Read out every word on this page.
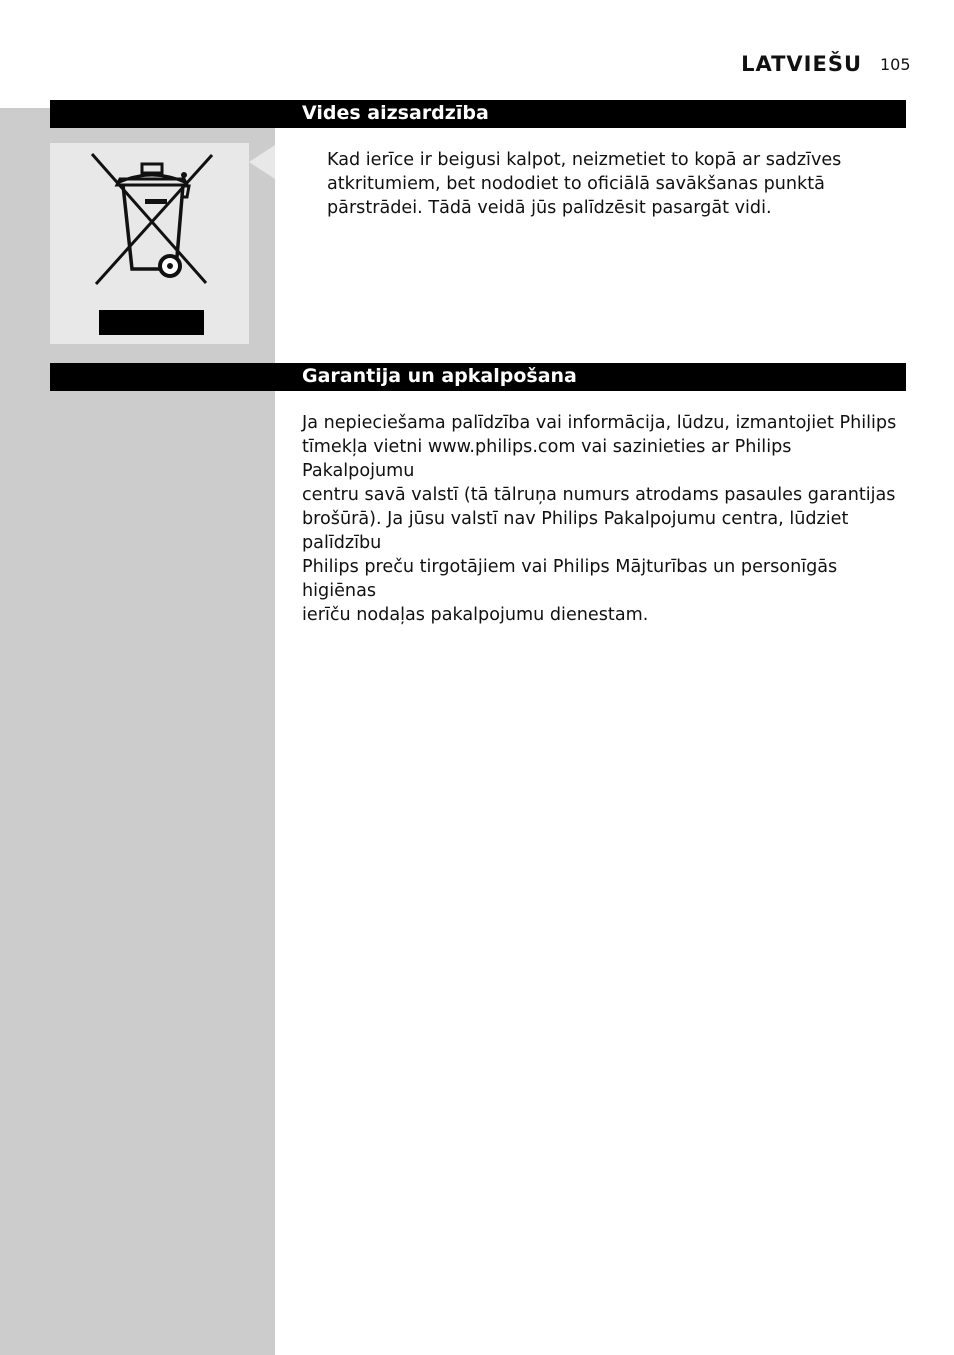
LATVIEŠU 105
Vides aizsardzība
Kad ierīce ir beigusi kalpot, neizmetiet to kopā ar sadzīves
atkritumiem, bet nododiet to oficiālā savākšanas punktā
pārstrādei. Tādā veidā jūs palīdzēsit pasargāt vidi.
Garantija un apkalpošana
Ja nepieciešama palīdzība vai informācija, lūdzu, izmantojiet Philips
tīmekļa vietni www.philips.com vai sazinieties ar Philips Pakalpojumu
centru savā valstī (tā tālruņa numurs atrodams pasaules garantijas
brošūrā). Ja jūsu valstī nav Philips Pakalpojumu centra, lūdziet palīdzību
Philips preču tirgotājiem vai Philips Mājturības un personīgās higiēnas
ierīču nodaļas pakalpojumu dienestam.
